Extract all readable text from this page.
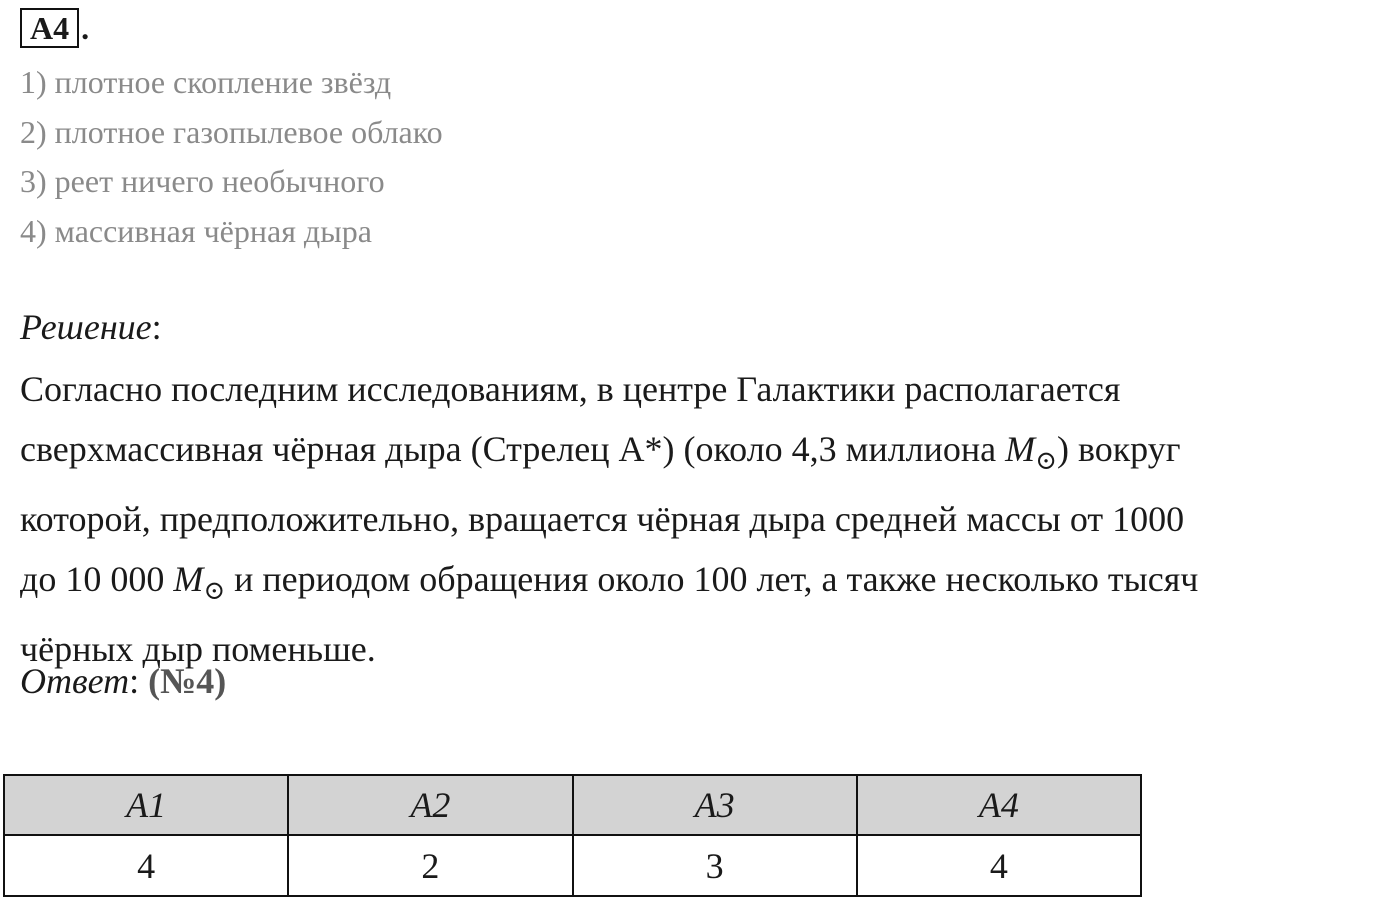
A4 .
1) плотное скопление звёзд
2) плотное газопылевое облако
3) реет ничего необычного
4) массивная чёрная дыра
Решение:
Согласно последним исследованиям, в центре Галактики располагается
сверхмассивная чёрная дыра (Стрелец A*) (около 4,3 миллиона $M_⊙$) вокруг
которой, предположительно, вращается чёрная дыра средней массы от 1000
до 10 000 $M_⊙$ и периодом обращения около 100 лет, а также несколько тысяч
чёрных дыр поменьше.
Ответ: (№4)
A1	A2	A3	A4
4	2	3	4
